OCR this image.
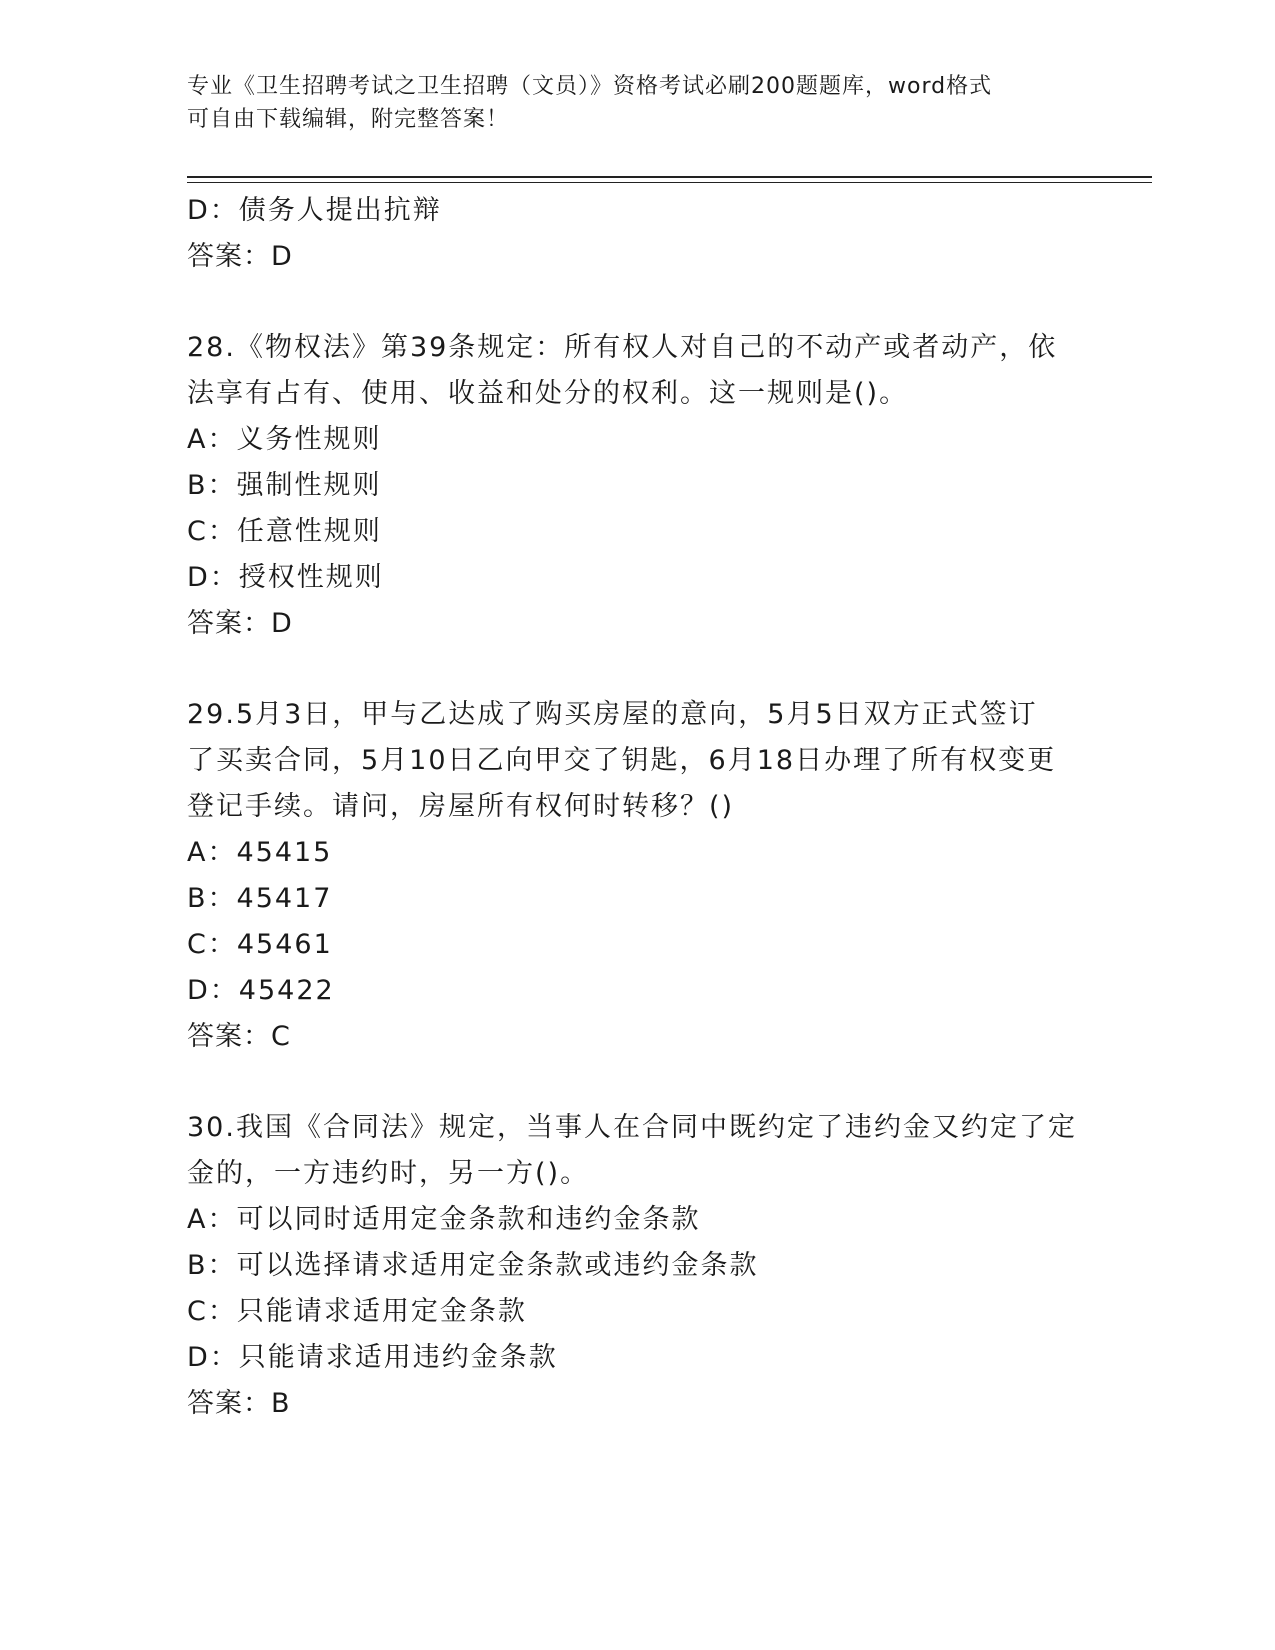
专业《卫生招聘考试之卫生招聘（文员）》资格考试必刷200题题库，word格式
可自由下载编辑，附完整答案！
D：债务人提出抗辩
答案：D
28.《物权法》第39条规定：所有权人对自己的不动产或者动产，依
法享有占有、使用、收益和处分的权利。这一规则是()。
A：义务性规则
B：强制性规则
C：任意性规则
D：授权性规则
答案：D
29.5月3日，甲与乙达成了购买房屋的意向，5月5日双方正式签订
了买卖合同，5月10日乙向甲交了钥匙，6月18日办理了所有权变更
登记手续。请问，房屋所有权何时转移？()
A：45415
B：45417
C：45461
D：45422
答案：C
30.我国《合同法》规定，当事人在合同中既约定了违约金又约定了定
金的，一方违约时，另一方()。
A：可以同时适用定金条款和违约金条款
B：可以选择请求适用定金条款或违约金条款
C：只能请求适用定金条款
D：只能请求适用违约金条款
答案：B
